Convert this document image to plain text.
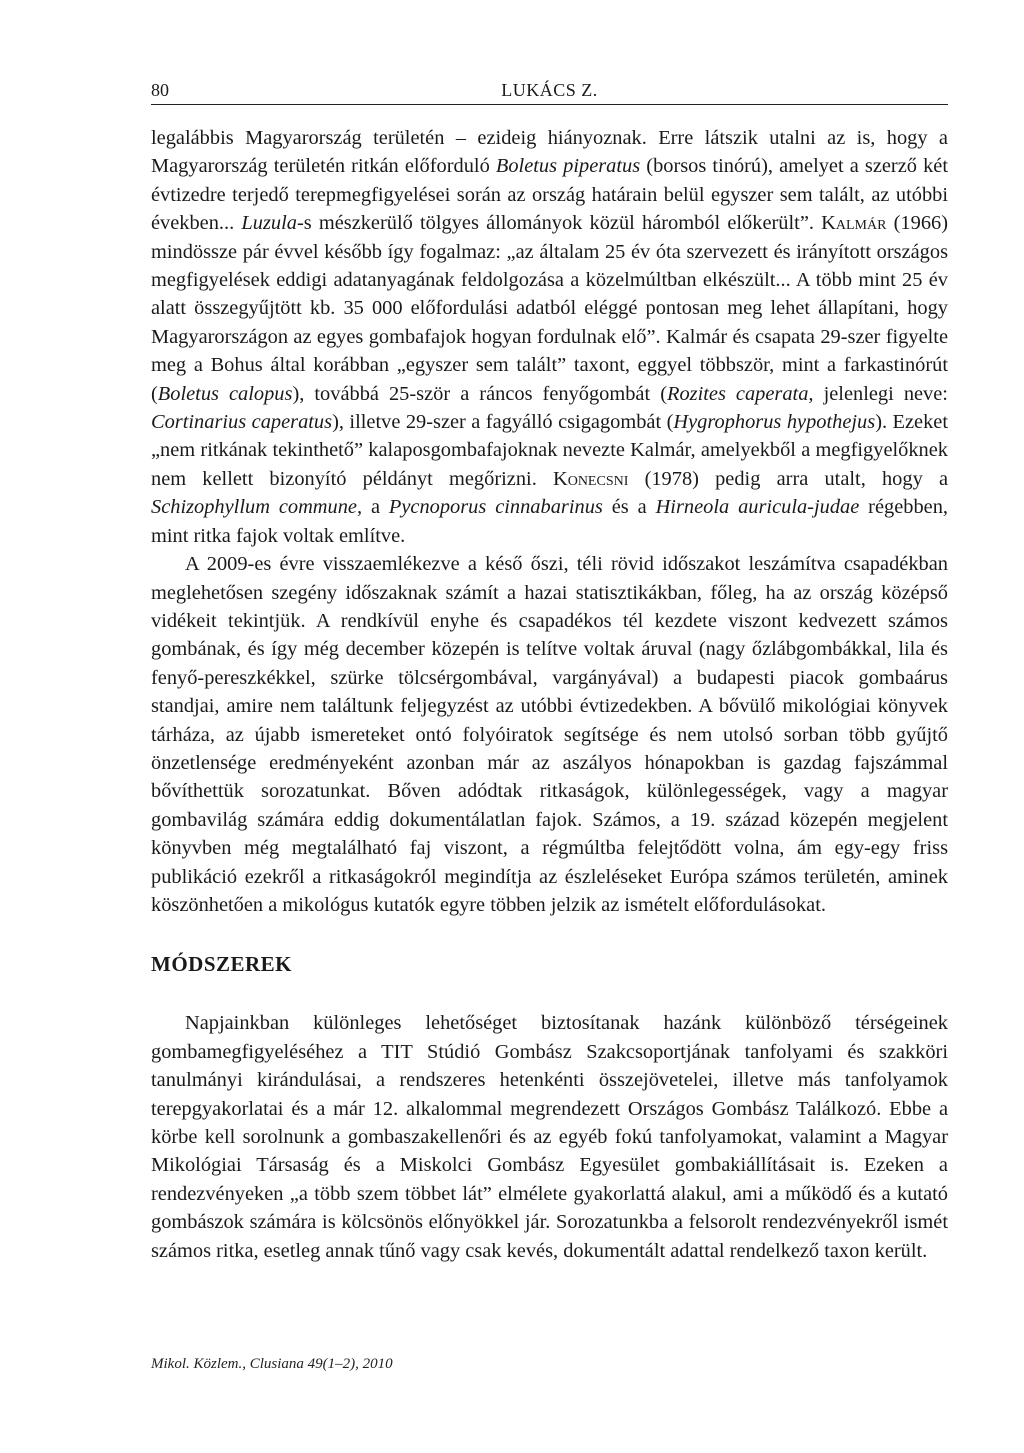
80	LUKÁCS Z.

legalábbis Magyarország területén – ezideig hiányoznak. Erre látszik utalni az is, hogy a Magyarország területén ritkán előforduló Boletus piperatus (borsos tinórú), amelyet a szerző két évtizedre terjedő terepmegfigyelései során az ország határain belül egyszer sem talált, az utóbbi években... Luzula-s mészkerülő tölgyes állományok közül háromból előkerült”. Kalmár (1966) mindössze pár évvel később így fogalmaz: „az általam 25 év óta szervezett és irányított országos megfigyelések eddigi adatanyagának feldolgozása a közelmúltban elkészült... A több mint 25 év alatt összegyűjtött kb. 35 000 előfordulási adatból eléggé pontosan meg lehet állapítani, hogy Magyarországon az egyes gombafajok hogyan fordulnak elő”. Kalmár és csapata 29-szer figyelte meg a Bohus által korábban „egyszer sem talált” taxont, eggyel többször, mint a farkastinórút (Boletus calopus), továbbá 25-ször a ráncos fenyőgombát (Rozites caperata, jelenlegi neve: Cortinarius caperatus), illetve 29-szer a fagyálló csigagombát (Hygrophorus hypothejus). Ezeket „nem ritkának tekinthető” kalaposgombafajoknak nevezte Kalmár, amelyekből a megfigyelőknek nem kellett bizonyító példányt megőrizni. Konecsni (1978) pedig arra utalt, hogy a Schizophyllum commune, a Pycnoporus cinnabarinus és a Hirneola auricula-judae régebben, mint ritka fajok voltak említve.

A 2009-es évre visszaemlékezve a késő őszi, téli rövid időszakot leszámítva csapadékban meglehetősen szegény időszaknak számít a hazai statisztikákban, főleg, ha az ország középső vidékeit tekintjük. A rendkívül enyhe és csapadékos tél kezdete viszont kedvezett számos gombának, és így még december közepén is telítve voltak áruval (nagy őzlábgombákkal, lila és fenyő-pereszkékkel, szürke tölcsérgombával, vargányával) a budapesti piacok gombaárus standjai, amire nem találtunk feljegyzést az utóbbi évtizedekben. A bővülő mikológiai könyvek tárháza, az újabb ismereteket ontó folyóiratok segítsége és nem utolsó sorban több gyűjtő önzetlensége eredményeként azonban már az aszályos hónapokban is gazdag fajszámmal bővíthettük sorozatunkat. Bőven adódtak ritkaságok, különlegességek, vagy a magyar gombavilág számára eddig dokumentálatlan fajok. Számos, a 19. század közepén megjelent könyvben még megtalálható faj viszont, a régmúltba felejtődött volna, ám egy-egy friss publikáció ezekről a ritkaságokról megindítja az észleléseket Európa számos területén, aminek köszönhetően a mikológus kutatók egyre többen jelzik az ismételt előfordulásokat.

MÓDSZEREK

Napjainkban különleges lehetőséget biztosítanak hazánk különböző térségeinek gombamegfigyeléséhez a TIT Stúdió Gombász Szakcsoportjának tanfolyami és szakköri tanulmányi kirándulásai, a rendszeres hetenkénti összejövetelei, illetve más tanfolyamok terepgyakorlatai és a már 12. alkalommal megrendezett Országos Gombász Találkozó. Ebbe a körbe kell sorolnunk a gombaszakellenőri és az egyéb fokú tanfolyamokat, valamint a Magyar Mikológiai Társaság és a Miskolci Gombász Egyesület gombakiállításait is. Ezeken a rendezvényeken „a több szem többet lát” elmélete gyakorlattá alakul, ami a működő és a kutató gombászok számára is kölcsönös előnyökkel jár. Sorozatunkba a felsorolt rendezvényekről ismét számos ritka, esetleg annak tűnő vagy csak kevés, dokumentált adattal rendelkező taxon került.

Mikol. Közlem., Clusiana 49(1–2), 2010
